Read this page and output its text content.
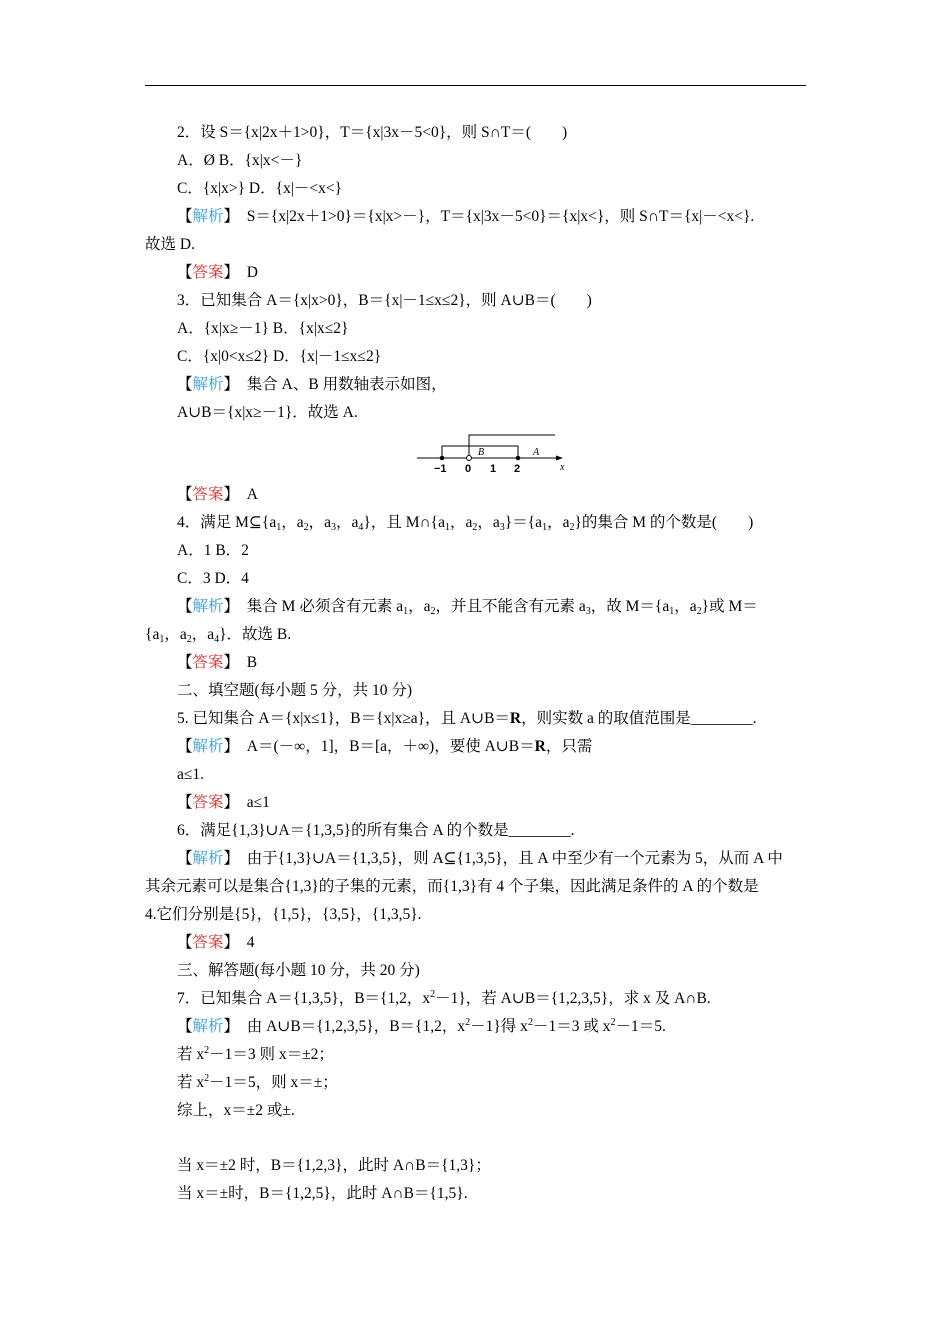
2．设 S＝{x|2x＋1>0}，T＝{x|3x－5<0}，则 S∩T＝(　　)
A．Ø B．{x|x<－}
C．{x|x>} D．{x|－<x<}
【解析】　S＝{x|2x＋1>0}＝{x|x>－}，T＝{x|3x－5<0}＝{x|x<}，则 S∩T＝{x|－<x<}.
故选 D.
【答案】　D
3．已知集合 A＝{x|x>0}，B＝{x|－1≤x≤2}，则 A∪B＝(　　)
A．{x|x≥－1} B．{x|x≤2}
C．{x|0<x≤2} D．{x|－1≤x≤2}
【解析】　集合 A、B 用数轴表示如图，
A∪B＝{x|x≥－1}．故选 A.
【答案】　A
B	A
x
−1 0 1 2
4．满足 $M⊆\{a_1$，$a_2$，$a_3$，$a_4$}，且 $M\cap\{a_1$，$a_2$，$a_3\}=\{a_1$，$a_2$}的集合 M 的个数是(　　)
A．1 B．2
C．3 D．4
【解析】　集合 M 必须含有元素 $a_1$，$a_2$，并且不能含有元素 $a_3$，故 $M=\{a_1$，$a_2$}或 M＝
{$a_1$，$a_2$，$a_4$}．故选 B.
【答案】　B
二、填空题(每小题 5 分，共 10 分)
5. 已知集合 A＝{x|x≤1}，B＝{x|x≥a}，且 A∪B＝R，则实数 a 的取值范围是________.
【解析】　A＝(－∞，1]，B＝[a，＋∞)，要使 A∪B＝R，只需
a≤1.
【答案】　a≤1
6．满足{1,3}∪A＝{1,3,5}的所有集合 A 的个数是________.
【解析】　由于{1,3}∪A＝{1,3,5}，则 A⊆{1,3,5}，且 A 中至少有一个元素为 5，从而 A 中
其余元素可以是集合{1,3}的子集的元素，而{1,3}有 4 个子集，因此满足条件的 A 的个数是
4.它们分别是{5}，{1,5}，{3,5}，{1,3,5}.
【答案】　4
三、解答题(每小题 10 分，共 20 分)
7．已知集合 A＝{1,3,5}，B＝{1,2，$x^2-1$}，若 A∪B＝{1,2,3,5}，求 x 及 A∩B.
【解析】　由 A∪B＝{1,2,3,5}，B＝{1,2，$x^2-1$}得 $x^2-1=3$ 或 $x^2-1=5$.
若 $x^2-1=3$ 则 x＝±2；
若 $x^2-1=5$，则 x＝±；
综上，x＝±2 或±.
当 x＝±2 时，B＝{1,2,3}，此时 A∩B＝{1,3}；
当 x＝±时，B＝{1,2,5}，此时 A∩B＝{1,5}.
